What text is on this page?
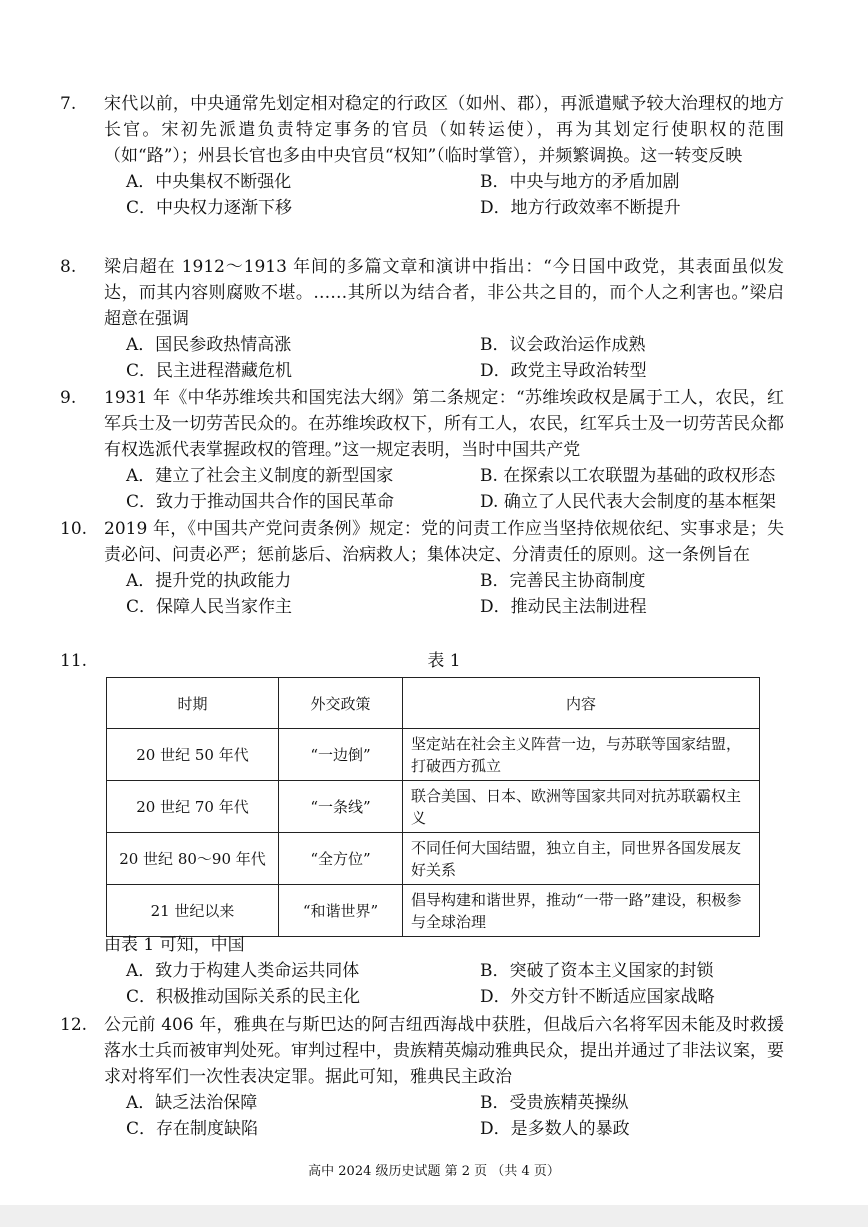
7.	宋代以前，中央通常先划定相对稳定的行政区（如州、郡），再派遣赋予较大治理权的地方长官。宋初先派遣负责特定事务的官员（如转运使），再为其划定行使职权的范围（如“路”）；州县长官也多由中央官员“权知”（临时掌管），并频繁调换。这一转变反映
A．中央集权不断强化	B．中央与地方的矛盾加剧
C．中央权力逐渐下移	D．地方行政效率不断提升
8.	梁启超在 1912～1913 年间的多篇文章和演讲中指出：“今日国中政党，其表面虽似发达，而其内容则腐败不堪。……其所以为结合者，非公共之目的，而个人之利害也。”梁启超意在强调
A．国民参政热情高涨	B．议会政治运作成熟
C．民主进程潜藏危机	D．政党主导政治转型
9.	1931 年《中华苏维埃共和国宪法大纲》第二条规定：“苏维埃政权是属于工人，农民，红军兵士及一切劳苦民众的。在苏维埃政权下，所有工人，农民，红军兵士及一切劳苦民众都有权选派代表掌握政权的管理。”这一规定表明，当时中国共产党
A．建立了社会主义制度的新型国家	B. 在探索以工农联盟为基础的政权形态
C．致力于推动国共合作的国民革命	D. 确立了人民代表大会制度的基本框架
10. 2019 年，《中国共产党问责条例》规定：党的问责工作应当坚持依规依纪、实事求是；失责必问、问责必严；惩前毖后、治病救人；集体决定、分清责任的原则。这一条例旨在
A．提升党的执政能力	B．完善民主协商制度
C．保障人民当家作主	D．推动民主法制进程
11.	表 1
时期	外交政策	内容
20 世纪 50 年代	“一边倒”	坚定站在社会主义阵营一边，与苏联等国家结盟，打破西方孤立
20 世纪 70 年代	“一条线”	联合美国、日本、欧洲等国家共同对抗苏联霸权主义
20 世纪 80～90 年代	“全方位”	不同任何大国结盟，独立自主，同世界各国发展友好关系
21 世纪以来	“和谐世界”	倡导构建和谐世界，推动“一带一路”建设，积极参与全球治理
由表 1 可知，中国
A．致力于构建人类命运共同体	B．突破了资本主义国家的封锁
C．积极推动国际关系的民主化	D．外交方针不断适应国家战略
12. 公元前 406 年，雅典在与斯巴达的阿吉纽西海战中获胜，但战后六名将军因未能及时救援落水士兵而被审判处死。审判过程中，贵族精英煽动雅典民众，提出并通过了非法议案，要求对将军们一次性表决定罪。据此可知，雅典民主政治
A．缺乏法治保障	B．受贵族精英操纵
C．存在制度缺陷	D．是多数人的暴政
高中 2024 级历史试题 第 2 页 （共 4 页）
